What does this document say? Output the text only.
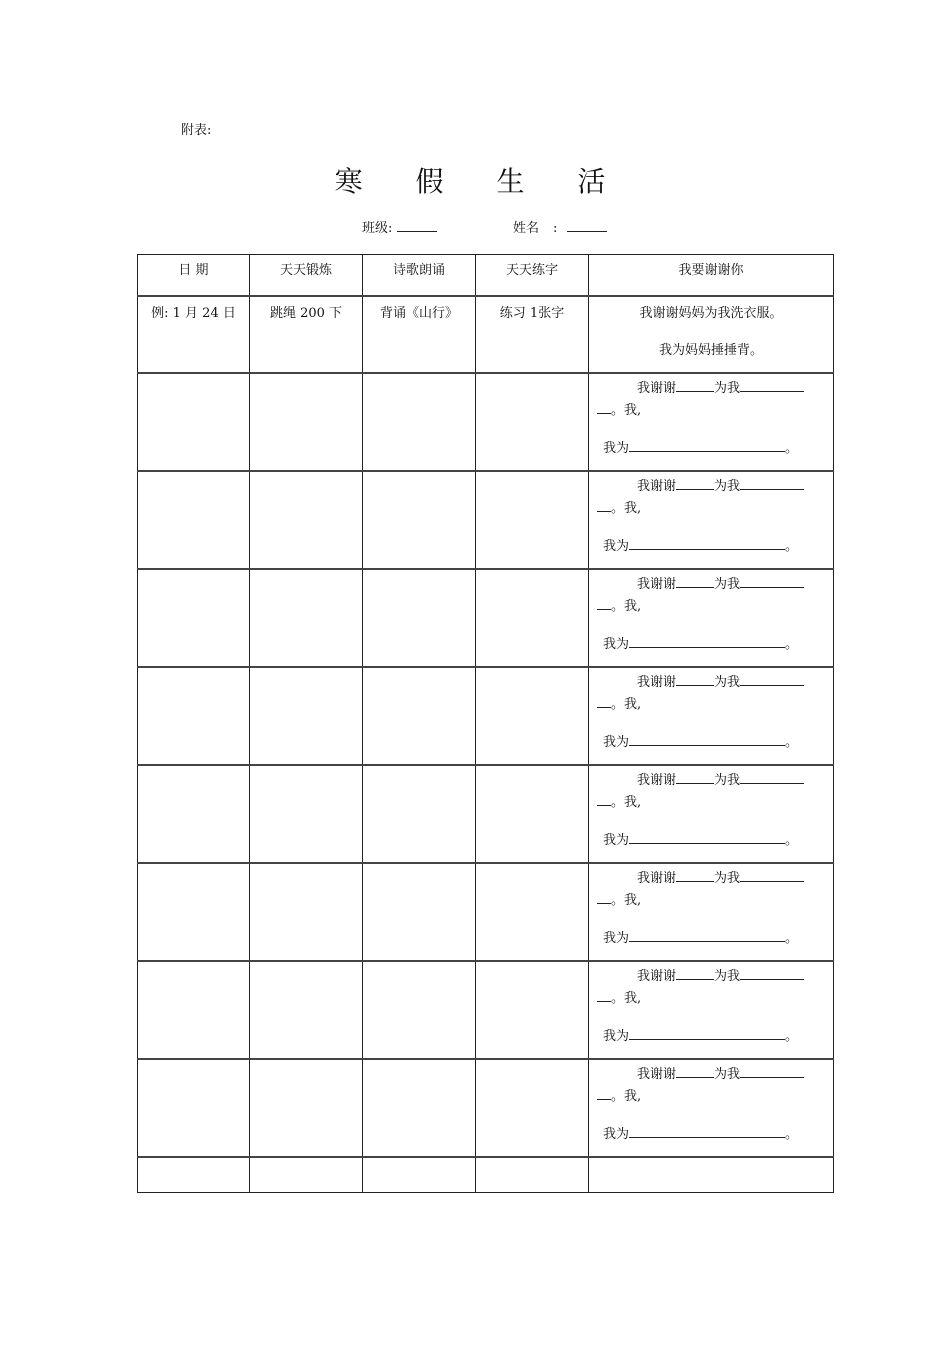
附表:
寒 假 生 活
班级:	姓名 :
日 期	天天锻炼	诗歌朗诵	天天练字	我要谢谢你
例: 1 月 24 日	跳绳 200 下	背诵《山行》	练习 1张字	我谢谢妈妈为我洗衣服。
我为妈妈捶捶背。

				我谢谢 为我
。我,
我为 。

				我谢谢 为我
。我,
我为 。

				我谢谢 为我
。我,
我为 。

				我谢谢 为我
。我,
我为 。

				我谢谢 为我
。我,
我为 。

				我谢谢 为我
。我,
我为 。

				我谢谢 为我
。我,
我为 。

				我谢谢 为我
。我,
我为 。
